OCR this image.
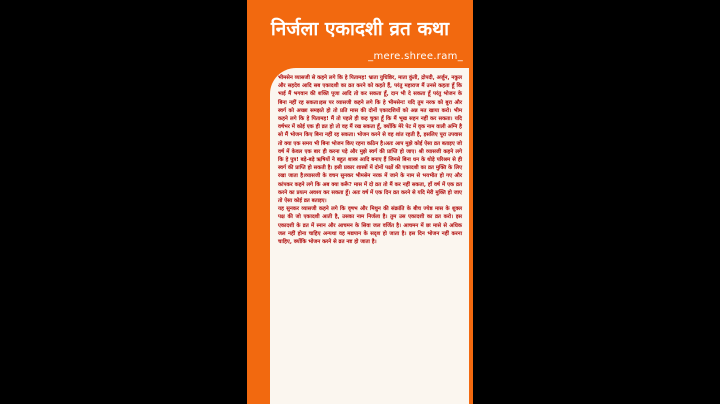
निर्जला एकादशी व्रत कथा
_mere.shree.ram_

भीमसेन व्यासजी से कहने लगे कि हे पितामह! भ्राता युधिष्ठिर, माता कुंती, द्रोपदी, अर्जुन, नकुल और सहदेव आदि सब एकादशी का व्रत करने को कहते हैं, परंतु महाराज मैं उनसे कहता हूँ कि भाई मैं भगवान की शक्ति पूजा आदि तो कर सकता हूँ, दान भी दे सकता हूँ परंतु भोजन के बिना नहीं रह सकता।इस पर व्यासजी कहने लगे कि हे भीमसेन! यदि तुम नरक को बुरा और स्वर्ग को अच्छा समझते हो तो प्रति मास की दोनों एकादशियों को अन्न मत खाया करो। भीम कहने लगे कि हे पितामह! मैं तो पहले ही कह चुका हूँ कि मैं भूख सहन नहीं कर सकता। यदि वर्षभर में कोई एक ही व्रत हो तो वह मैं रख सकता हूँ, क्योंकि मेरे पेट में वृक नाम वाली अग्नि है सो मैं भोजन किए बिना नहीं रह सकता। भोजन करने से वह शांत रहती है, इसलिए पूरा उपवास तो क्या एक समय भी बिना भोजन किए रहना कठिन है।अतः आप मुझे कोई ऐसा व्रत बताइए जो वर्ष में केवल एक बार ही करना पड़े और मुझे स्वर्ग की प्राप्ति हो जाए। श्री व्यासजी कहने लगे कि हे पुत्र! बड़े-बड़े ऋषियों ने बहुत शास्त्र आदि बनाए हैं जिनसे बिना धन के थोड़े परिश्रम से ही स्वर्ग की प्राप्ति हो सकती है। इसी प्रकार शास्त्रों में दोनों पक्षों की एकादशी का व्रत मुक्ति के लिए रखा जाता है।व्यासजी के वचन सुनकर भीमसेन नरक में जाने के नाम से भयभीत हो गए और कांपकर कहने लगे कि अब क्या करूँ? मास में दो व्रत तो मैं कर नहीं सकता, हाँ वर्ष में एक व्रत करने का प्रयत्न अवश्य कर सकता हूँ। अतः वर्ष में एक दिन व्रत करने से यदि मेरी मुक्ति हो जाए तो ऐसा कोई व्रत बताइए।

यह सुनकर व्यासजी कहने लगे कि वृषभ और मिथुन की संक्रांति के बीच ज्येष्ठ मास के शुक्ल पक्ष की जो एकादशी आती है, उसका नाम निर्जला है। तुम उस एकादशी का व्रत करो। इस एकादशी के व्रत में स्नान और आचमन के सिवा जल वर्जित है। आचमन में छः मासे से अधिक जल नहीं होना चाहिए अन्यथा वह मद्यपान के सदृश हो जाता है। इस दिन भोजन नहीं करना चाहिए, क्योंकि भोजन करने से व्रत नष्ट हो जाता है।
